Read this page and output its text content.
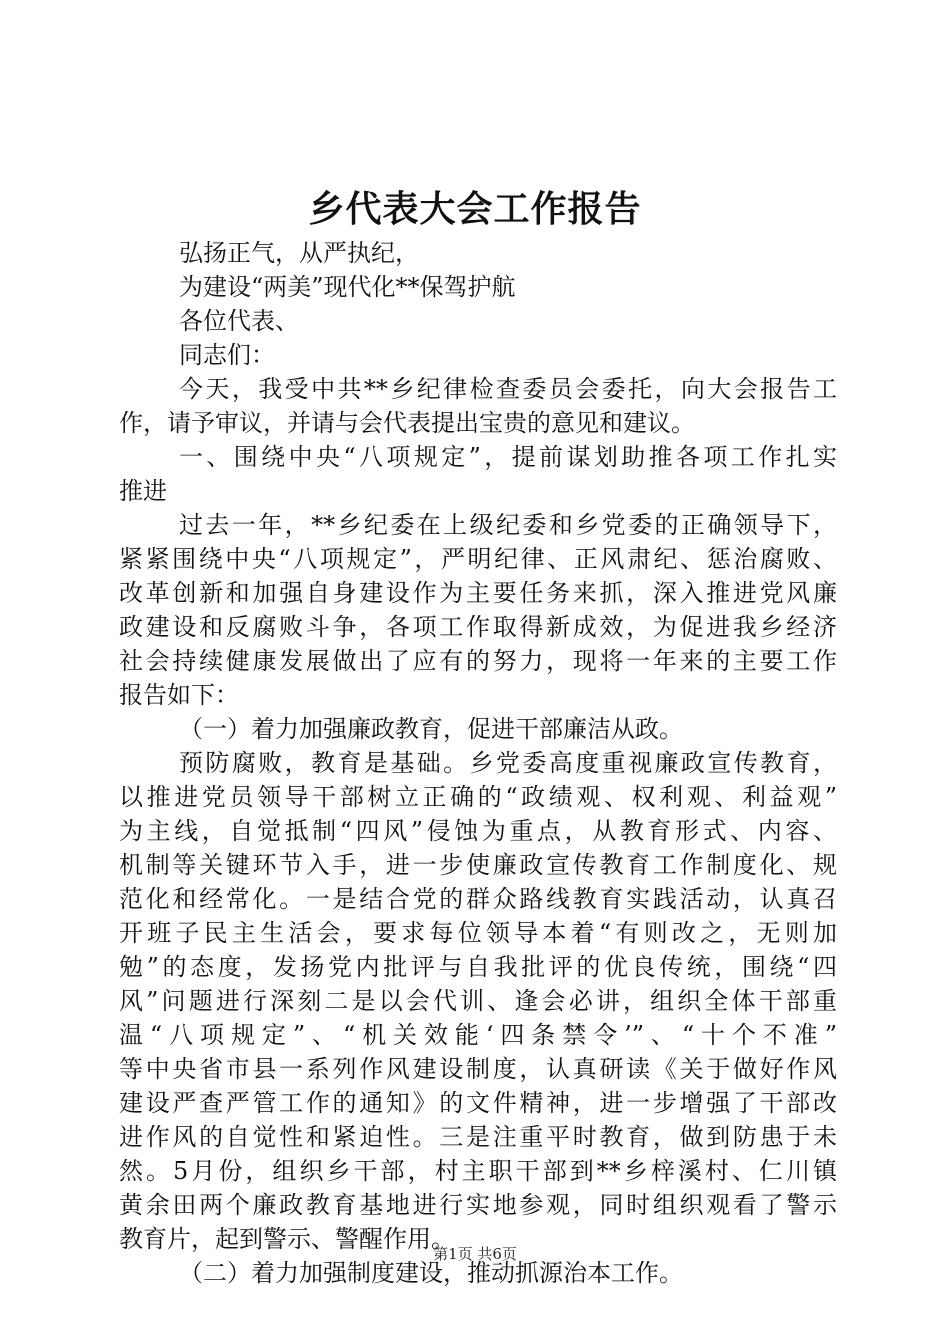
乡代表大会工作报告
弘扬正气，从严执纪，
为建设“两美”现代化**保驾护航
各位代表、
同志们：
今天，我受中共**乡纪律检查委员会委托，向大会报告工
作，请予审议，并请与会代表提出宝贵的意见和建议。
一、围绕中央“八项规定”，提前谋划助推各项工作扎实
推进
过去一年，**乡纪委在上级纪委和乡党委的正确领导下，
紧紧围绕中央“八项规定”，严明纪律、正风肃纪、惩治腐败、
改革创新和加强自身建设作为主要任务来抓，深入推进党风廉
政建设和反腐败斗争，各项工作取得新成效，为促进我乡经济
社会持续健康发展做出了应有的努力，现将一年来的主要工作
报告如下：
（一）着力加强廉政教育，促进干部廉洁从政。
预防腐败，教育是基础。乡党委高度重视廉政宣传教育，
以推进党员领导干部树立正确的“政绩观、权利观、利益观”
为主线，自觉抵制“四风”侵蚀为重点，从教育形式、内容、
机制等关键环节入手，进一步使廉政宣传教育工作制度化、规
范化和经常化。一是结合党的群众路线教育实践活动，认真召
开班子民主生活会，要求每位领导本着“有则改之，无则加
勉”的态度，发扬党内批评与自我批评的优良传统，围绕“四
风”问题进行深刻二是以会代训、逢会必讲，组织全体干部重
温“八项规定”、“机关效能‘四条禁令’”、“十个不准”
等中央省市县一系列作风建设制度，认真研读《关于做好作风
建设严查严管工作的通知》的文件精神，进一步增强了干部改
进作风的自觉性和紧迫性。三是注重平时教育，做到防患于未
然。5月份，组织乡干部，村主职干部到**乡梓溪村、仁川镇
黄余田两个廉政教育基地进行实地参观，同时组织观看了警示
教育片，起到警示、警醒作用。
（二）着力加强制度建设，推动抓源治本工作。
第1页 共6页
